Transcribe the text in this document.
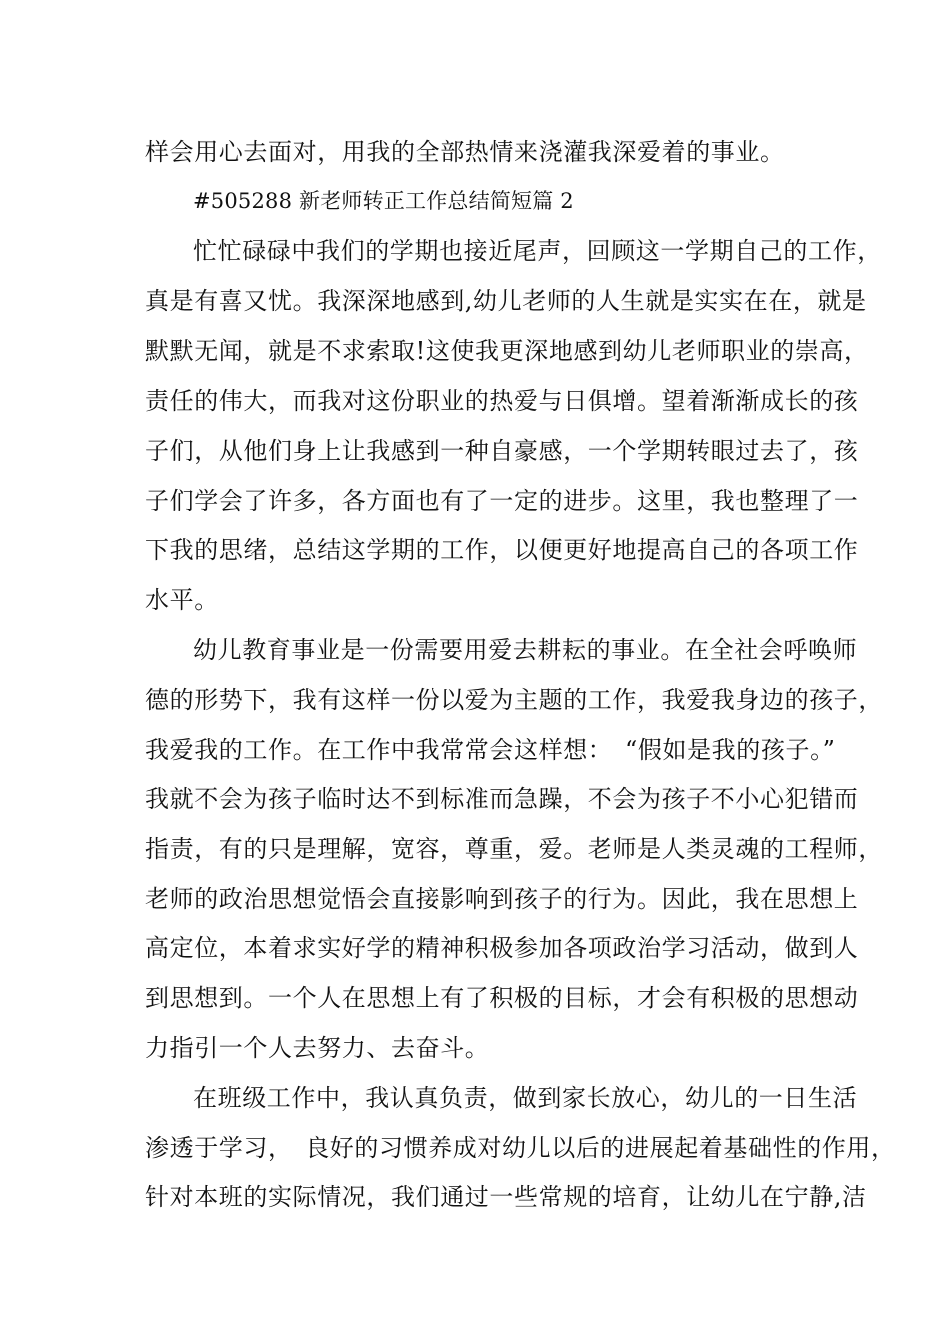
样会用心去面对，用我的全部热情来浇灌我深爱着的事业。
#505288 新老师转正工作总结简短篇 2
忙忙碌碌中我们的学期也接近尾声，回顾这一学期自己的工作，
真是有喜又忧。我深深地感到,幼儿老师的人生就是实实在在，就是
默默无闻，就是不求索取!这使我更深地感到幼儿老师职业的崇高，
责任的伟大，而我对这份职业的热爱与日俱增。望着渐渐成长的孩
子们，从他们身上让我感到一种自豪感，一个学期转眼过去了，孩
子们学会了许多，各方面也有了一定的进步。这里，我也整理了一
下我的思绪，总结这学期的工作，以便更好地提高自己的各项工作
水平。
幼儿教育事业是一份需要用爱去耕耘的事业。在全社会呼唤师
德的形势下，我有这样一份以爱为主题的工作，我爱我身边的孩子，
我爱我的工作。在工作中我常常会这样想：　“假如是我的孩子。”
我就不会为孩子临时达不到标准而急躁，不会为孩子不小心犯错而
指责，有的只是理解，宽容，尊重，爱。老师是人类灵魂的工程师，
老师的政治思想觉悟会直接影响到孩子的行为。因此，我在思想上
高定位，本着求实好学的精神积极参加各项政治学习活动，做到人
到思想到。一个人在思想上有了积极的目标，才会有积极的思想动
力指引一个人去努力、去奋斗。
在班级工作中，我认真负责，做到家长放心，幼儿的一日生活
渗透于学习，　良好的习惯养成对幼儿以后的进展起着基础性的作用，
针对本班的实际情况，我们通过一些常规的培育，让幼儿在宁静,洁
